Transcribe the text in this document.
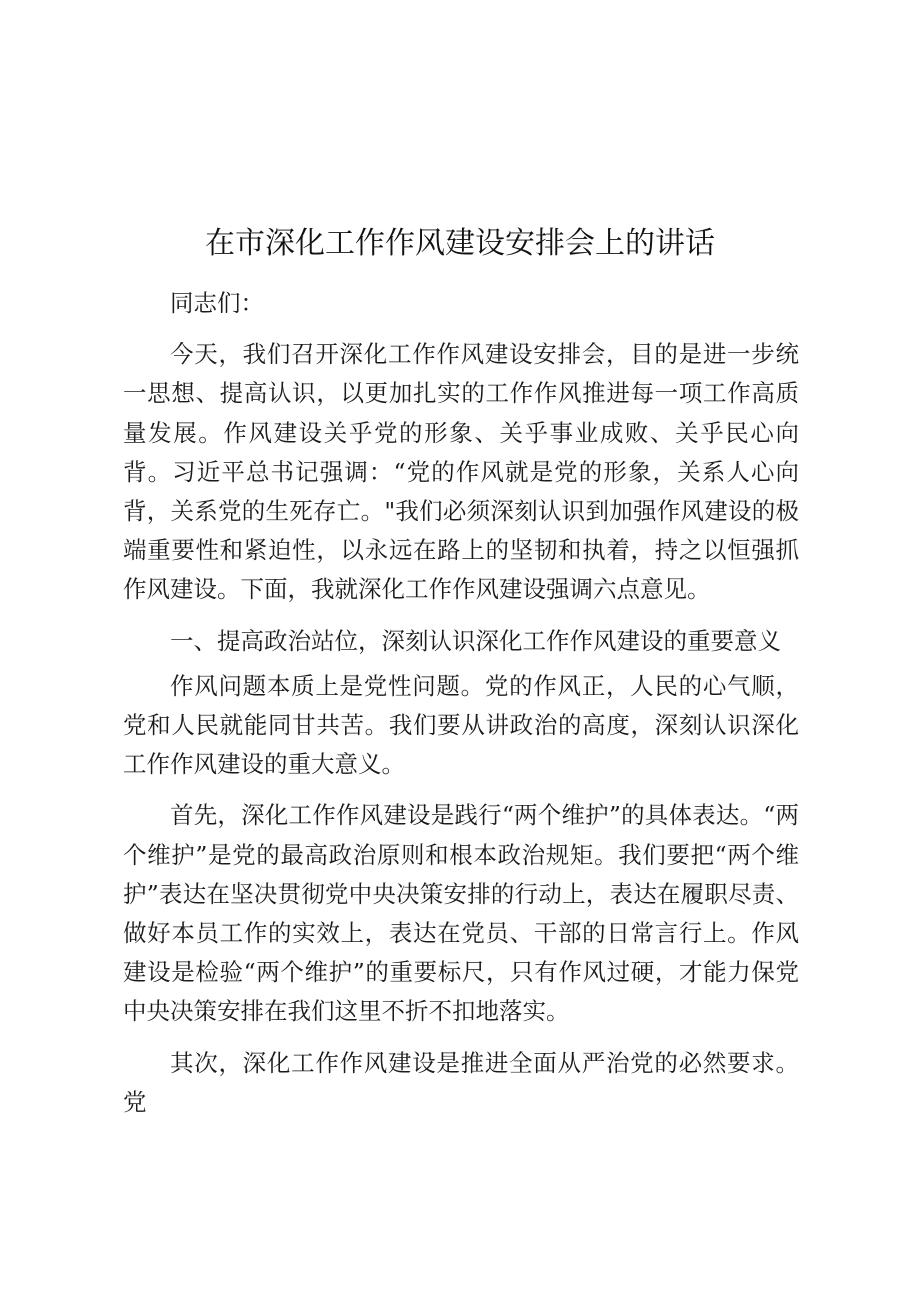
在市深化工作作风建设安排会上的讲话

同志们：

今天，我们召开深化工作作风建设安排会，目的是进一步统一思想、提高认识，以更加扎实的工作作风推进每一项工作高质量发展。作风建设关乎党的形象、关乎事业成败、关乎民心向背。习近平总书记强调：“党的作风就是党的形象，关系人心向背，关系党的生死存亡。"我们必须深刻认识到加强作风建设的极端重要性和紧迫性，以永远在路上的坚韧和执着，持之以恒强抓作风建设。下面，我就深化工作作风建设强调六点意见。

一、提高政治站位，深刻认识深化工作作风建设的重要意义

作风问题本质上是党性问题。党的作风正，人民的心气顺，党和人民就能同甘共苦。我们要从讲政治的高度，深刻认识深化工作作风建设的重大意义。

首先，深化工作作风建设是践行“两个维护”的具体表达。“两个维护”是党的最高政治原则和根本政治规矩。我们要把“两个维护”表达在坚决贯彻党中央决策安排的行动上，表达在履职尽责、做好本员工作的实效上，表达在党员、干部的日常言行上。作风建设是检验“两个维护”的重要标尺，只有作风过硬，才能力保党中央决策安排在我们这里不折不扣地落实。

其次，深化工作作风建设是推进全面从严治党的必然要求。党
